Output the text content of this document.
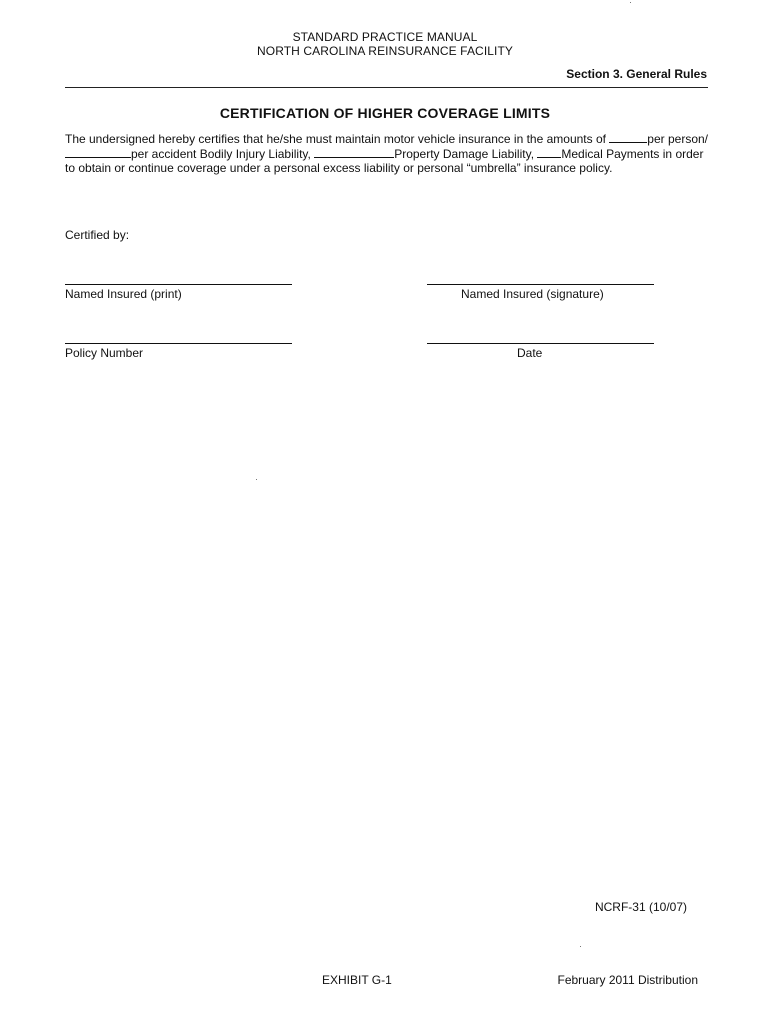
STANDARD PRACTICE MANUAL
NORTH CAROLINA REINSURANCE FACILITY
Section 3. General Rules
CERTIFICATION OF HIGHER COVERAGE LIMITS
The undersigned hereby certifies that he/she must maintain motor vehicle insurance in the amounts of	per person/per accident Bodily Injury Liability,	Property Damage Liability, Medical Payments in order to obtain or continue coverage under a personal excess liability or personal “umbrella” insurance policy.
Certified by:
Named Insured (print)	Named Insured (signature)
Policy Number	Date
NCRF-31 (10/07)
EXHIBIT G-1	February 2011 Distribution
